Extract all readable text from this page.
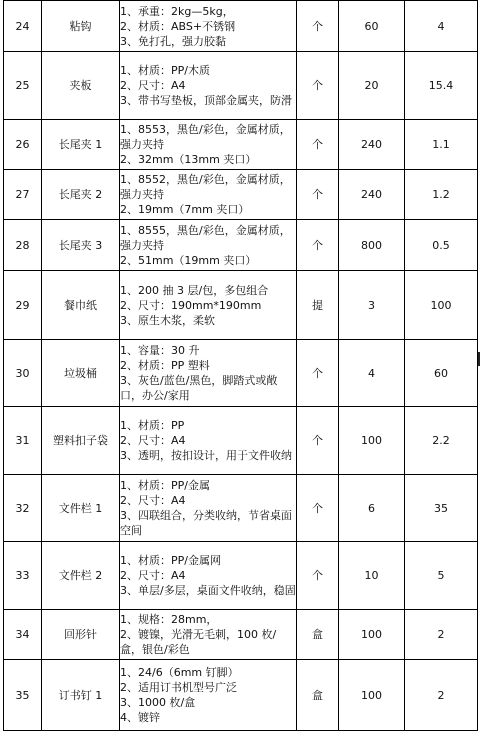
24	粘钩	1、承重：2kg—5kg，
2、材质：ABS+不锈钢
3、免打孔，强力胶黏	个	60	4
25	夹板	1、材质：PP/木质
2、尺寸：A4
3、带书写垫板，顶部金属夹，防滑	个	20	15.4
26	长尾夹 1	1、8553，黑色/彩色，金属材质，强力夹持
2、32mm（13mm 夹口）	个	240	1.1
27	长尾夹 2	1、8552，黑色/彩色，金属材质，强力夹持
2、19mm（7mm 夹口）	个	240	1.2
28	长尾夹 3	1、8555，黑色/彩色，金属材质，强力夹持
2、51mm（19mm 夹口）	个	800	0.5
29	餐巾纸	1、200 抽 3 层/包，多包组合
2、尺寸：190mm*190mm
3、原生木浆，柔软	提	3	100
30	垃圾桶	1、容量：30 升
2、材质：PP 塑料
3、灰色/蓝色/黑色，脚踏式或敞口，办公/家用	个	4	60
31	塑料扣子袋	1、材质：PP
2、尺寸：A4
3、透明，按扣设计，用于文件收纳	个	100	2.2
32	文件栏 1	1、材质：PP/金属
2、尺寸：A4
3、四联组合，分类收纳，节省桌面空间	个	6	35
33	文件栏 2	1、材质：PP/金属网
2、尺寸：A4
3、单层/多层，桌面文件收纳，稳固	个	10	5
34	回形针	1、规格：28mm，
2、镀镍，光滑无毛刺，100 枚/盒，银色/彩色	盒	100	2
35	订书钉 1	1、24/6（6mm 钉脚）
2、适用订书机型号广泛
3、1000 枚/盒
4、镀锌	盒	100	2
